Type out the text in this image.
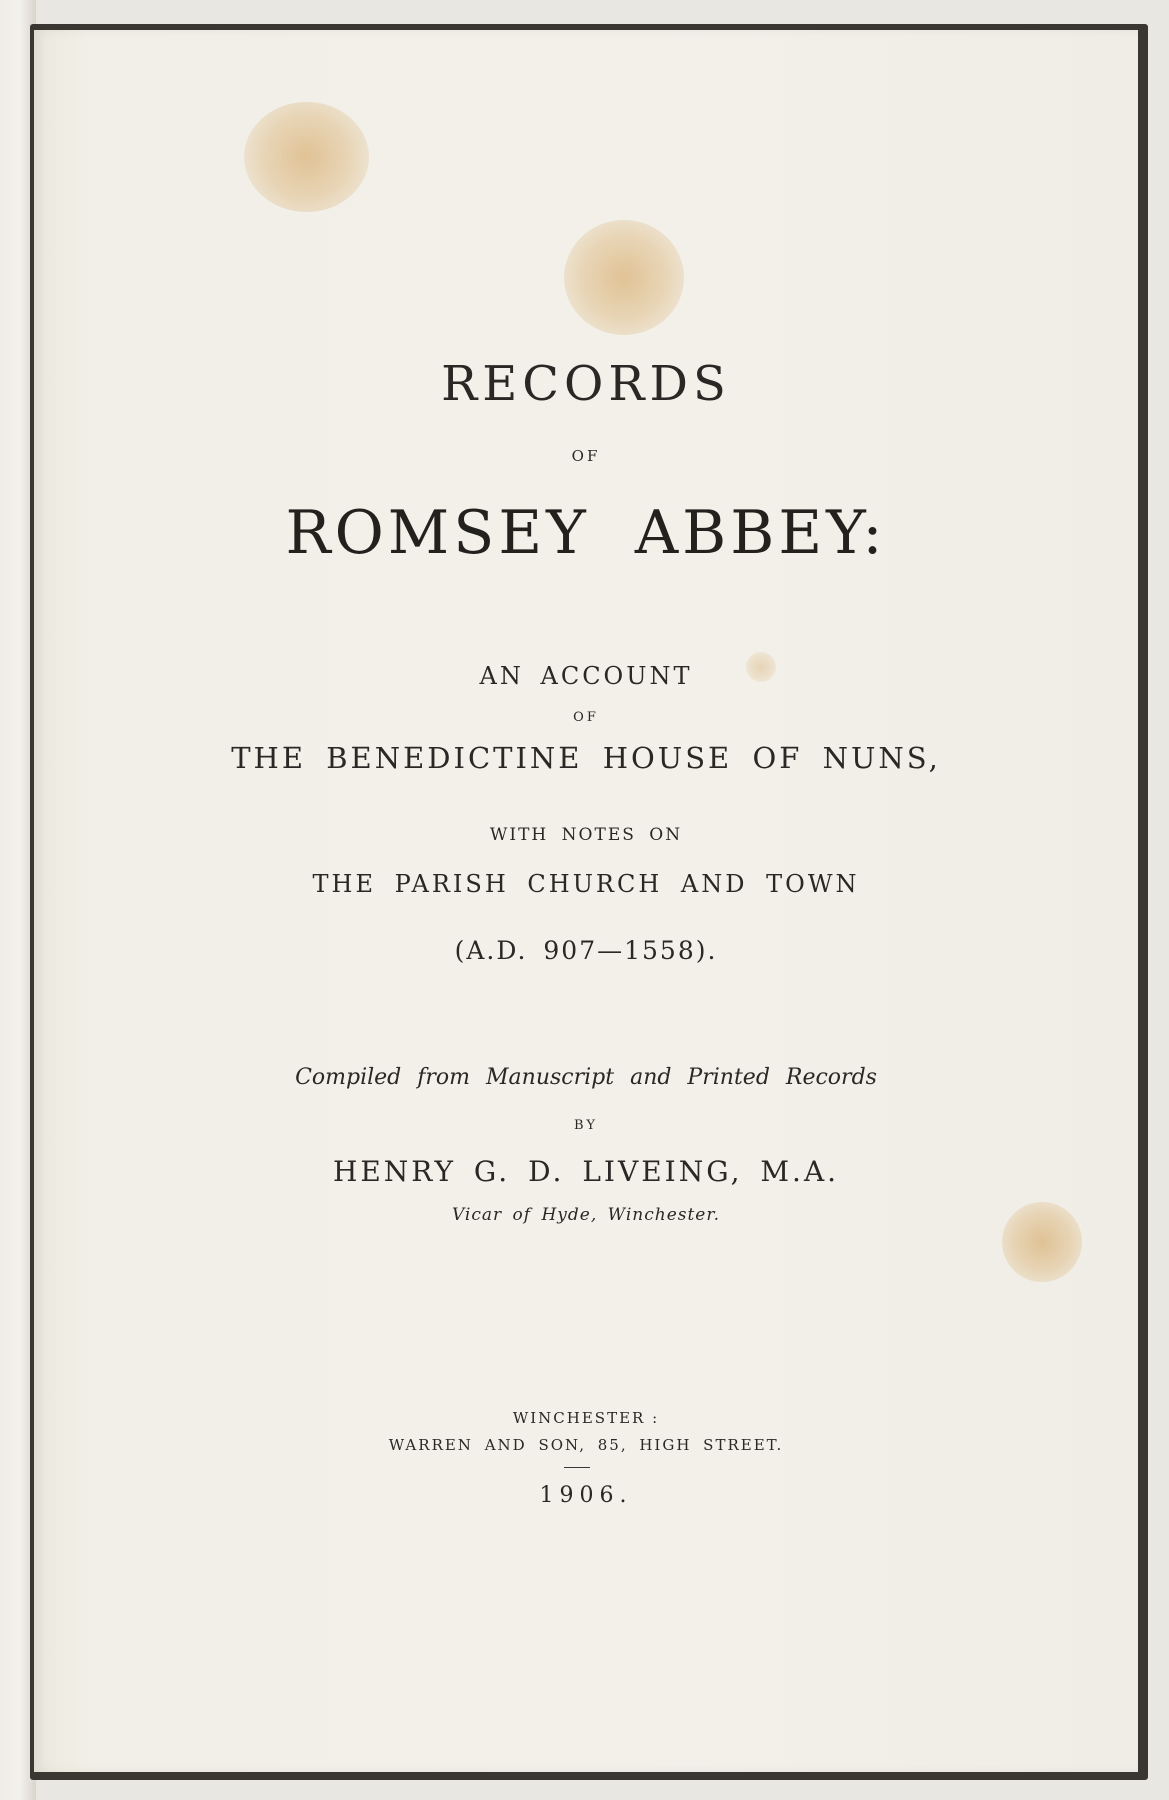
RECORDS
OF
ROMSEY ABBEY:
AN ACCOUNT
OF
THE BENEDICTINE HOUSE OF NUNS,
WITH NOTES ON
THE PARISH CHURCH AND TOWN
(A.D. 907—1558).
Compiled from Manuscript and Printed Records
BY
HENRY G. D. LIVEING, M.A.
Vicar of Hyde, Winchester.
WINCHESTER :
WARREN AND SON, 85, HIGH STREET.
1906.
